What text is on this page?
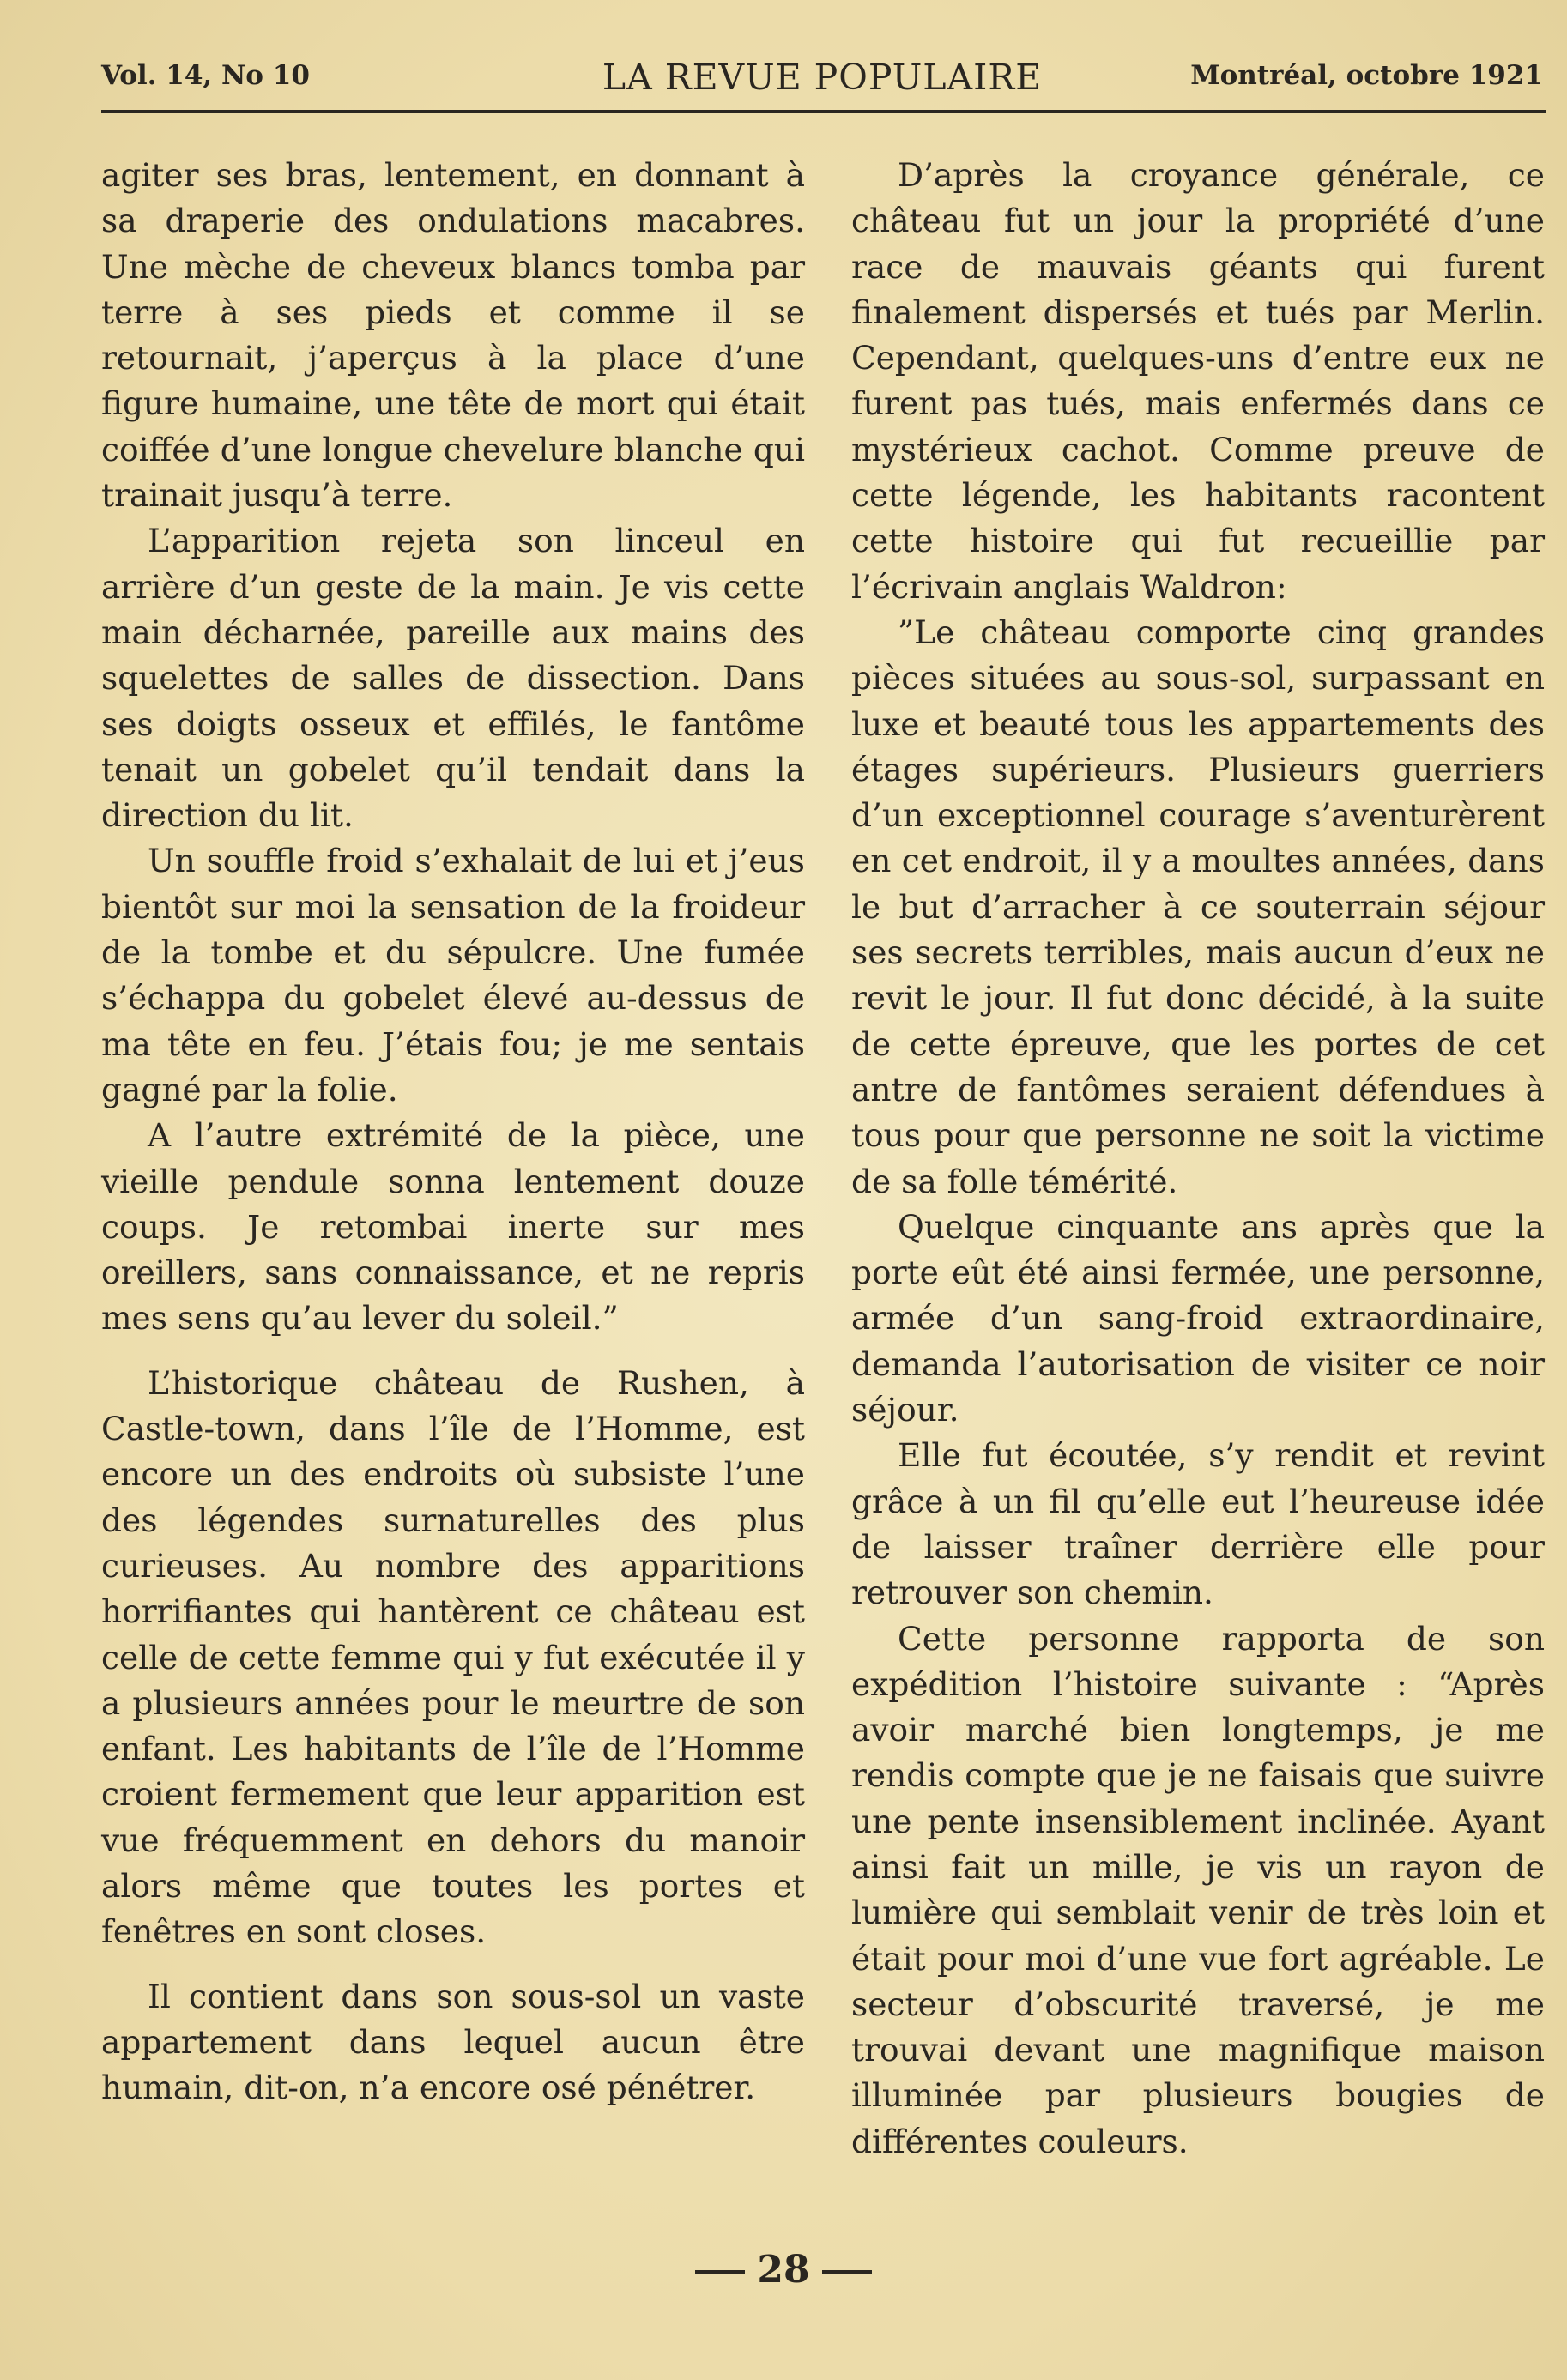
Vol. 14, No 10	LA REVUE POPULAIRE	Montréal, octobre 1921

agiter ses bras, lentement, en donnant à sa draperie des ondulations macabres. Une mèche de cheveux blancs tomba par terre à ses pieds et comme il se retournait, j’aperçus à la place d’une figure humaine, une tête de mort qui était coiffée d’une longue chevelure blanche qui trainait jusqu’à terre.

L’apparition rejeta son linceul en arrière d’un geste de la main. Je vis cette main décharnée, pareille aux mains des squelettes de salles de dissection. Dans ses doigts osseux et effilés, le fantôme tenait un gobelet qu’il tendait dans la direction du lit.

Un souffle froid s’exhalait de lui et j’eus bientôt sur moi la sensation de la froideur de la tombe et du sépulcre. Une fumée s’échappa du gobelet élevé au-dessus de ma tête en feu. J’étais fou; je me sentais gagné par la folie.

A l’autre extrémité de la pièce, une vieille pendule sonna lentement douze coups. Je retombai inerte sur mes oreillers, sans connaissance, et ne repris mes sens qu’au lever du soleil.”

L’historique château de Rushen, à Castle-town, dans l’île de l’Homme, est encore un des endroits où subsiste l’une des légendes surnaturelles des plus curieuses. Au nombre des apparitions horrifiantes qui hantèrent ce château est celle de cette femme qui y fut exécutée il y a plusieurs années pour le meurtre de son enfant. Les habitants de l’île de l’Homme croient fermement que leur apparition est vue fréquemment en dehors du manoir alors même que toutes les portes et fenêtres en sont closes.

Il contient dans son sous-sol un vaste appartement dans lequel aucun être humain, dit-on, n’a encore osé pénétrer.

D’après la croyance générale, ce château fut un jour la propriété d’une race de mauvais géants qui furent finalement dispersés et tués par Merlin. Cependant, quelques-uns d’entre eux ne furent pas tués, mais enfermés dans ce mystérieux cachot. Comme preuve de cette légende, les habitants racontent cette histoire qui fut recueillie par l’écrivain anglais Waldron:

”Le château comporte cinq grandes pièces situées au sous-sol, surpassant en luxe et beauté tous les appartements des étages supérieurs. Plusieurs guerriers d’un exceptionnel courage s’aventurèrent en cet endroit, il y a moultes années, dans le but d’arracher à ce souterrain séjour ses secrets terribles, mais aucun d’eux ne revit le jour. Il fut donc décidé, à la suite de cette épreuve, que les portes de cet antre de fantômes seraient défendues à tous pour que personne ne soit la victime de sa folle témérité.

Quelque cinquante ans après que la porte eût été ainsi fermée, une personne, armée d’un sang-froid extraordinaire, demanda l’autorisation de visiter ce noir séjour.

Elle fut écoutée, s’y rendit et revint grâce à un fil qu’elle eut l’heureuse idée de laisser traîner derrière elle pour retrouver son chemin.

Cette personne rapporta de son expédition l’histoire suivante : “Après avoir marché bien longtemps, je me rendis compte que je ne faisais que suivre une pente insensiblement inclinée. Ayant ainsi fait un mille, je vis un rayon de lumière qui semblait venir de très loin et était pour moi d’une vue fort agréable. Le secteur d’obscurité traversé, je me trouvai devant une magnifique maison illuminée par plusieurs bougies de différentes couleurs.

28
